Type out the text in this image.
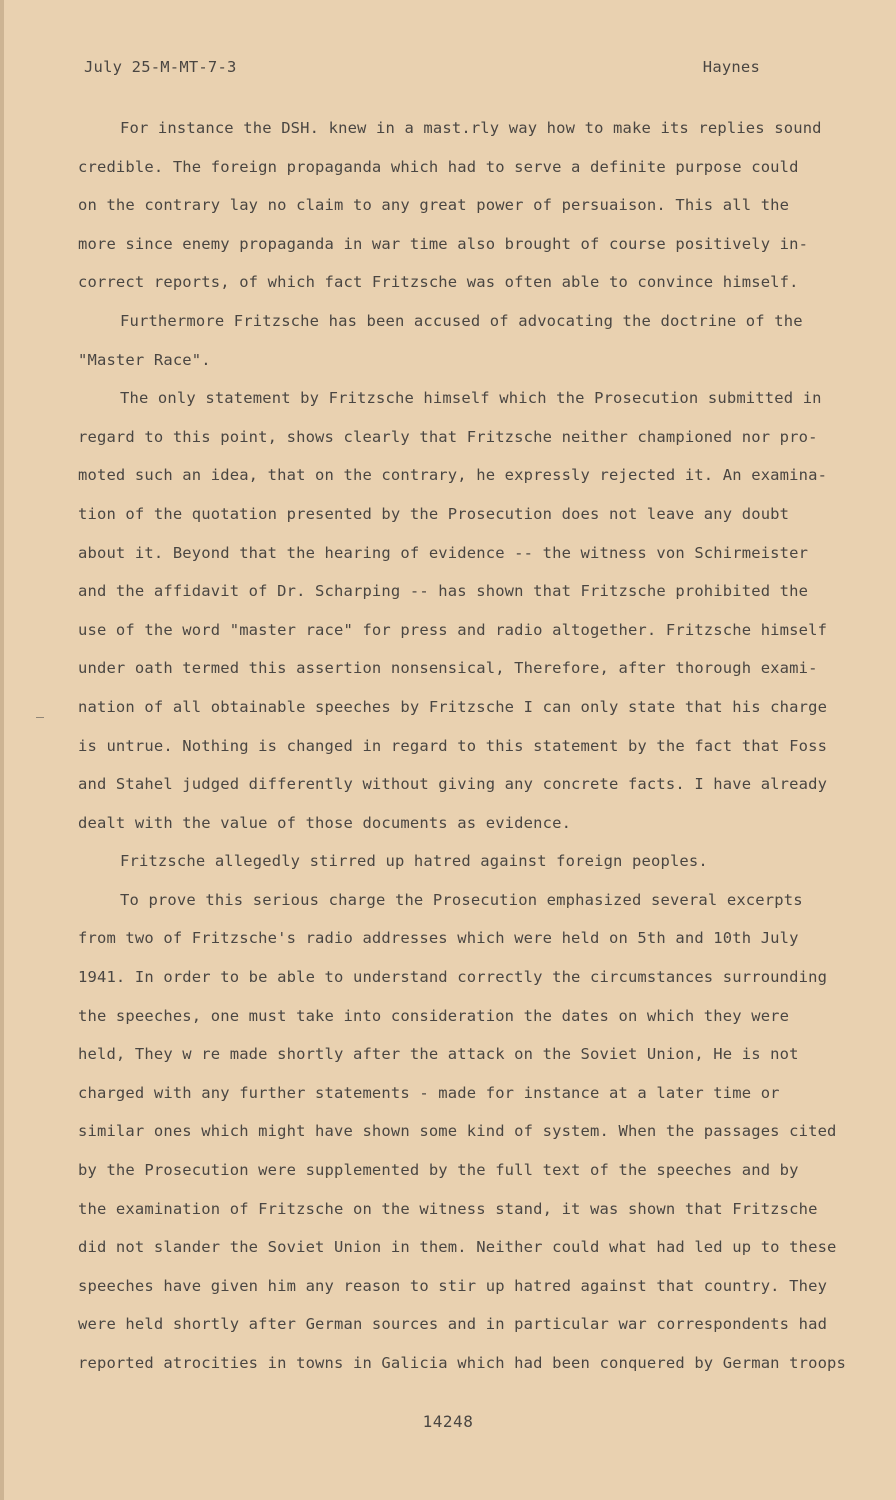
July 25-M-MT-7-3	Haynes
For instance the DSH. knew in a mast.rly way how to make its replies sound
credible. The foreign propaganda which had to serve a definite purpose could
on the contrary lay no claim to any great power of persuaison. This all the
more since enemy propaganda in war time also brought of course positively in-
correct reports, of which fact Fritzsche was often able to convince himself.
Furthermore Fritzsche has been accused of advocating the doctrine of the
"Master Race".
The only statement by Fritzsche himself which the Prosecution submitted in
regard to this point, shows clearly that Fritzsche neither championed nor pro-
moted such an idea, that on the contrary, he expressly rejected it. An examina-
tion of the quotation presented by the Prosecution does not leave any doubt
about it. Beyond that the hearing of evidence -- the witness von Schirmeister
and the affidavit of Dr. Scharping -- has shown that Fritzsche prohibited the
use of the word "master race" for press and radio altogether. Fritzsche himself
under oath termed this assertion nonsensical, Therefore, after thorough exami-
nation of all obtainable speeches by Fritzsche I can only state that his charge
is untrue. Nothing is changed in regard to this statement by the fact that Foss
and Stahel judged differently without giving any concrete facts. I have already
dealt with the value of those documents as evidence.
Fritzsche allegedly stirred up hatred against foreign peoples.
To prove this serious charge the Prosecution emphasized several excerpts
from two of Fritzsche's radio addresses which were held on 5th and 10th July
1941. In order to be able to understand correctly the circumstances surrounding
the speeches, one must take into consideration the dates on which they were
held, They w re made shortly after the attack on the Soviet Union, He is not
charged with any further statements - made for instance at a later time or
similar ones which might have shown some kind of system. When the passages cited
by the Prosecution were supplemented by the full text of the speeches and by
the examination of Fritzsche on the witness stand, it was shown that Fritzsche
did not slander the Soviet Union in them. Neither could what had led up to these
speeches have given him any reason to stir up hatred against that country. They
were held shortly after German sources and in particular war correspondents had
reported atrocities in towns in Galicia which had been conquered by German troops
14248
